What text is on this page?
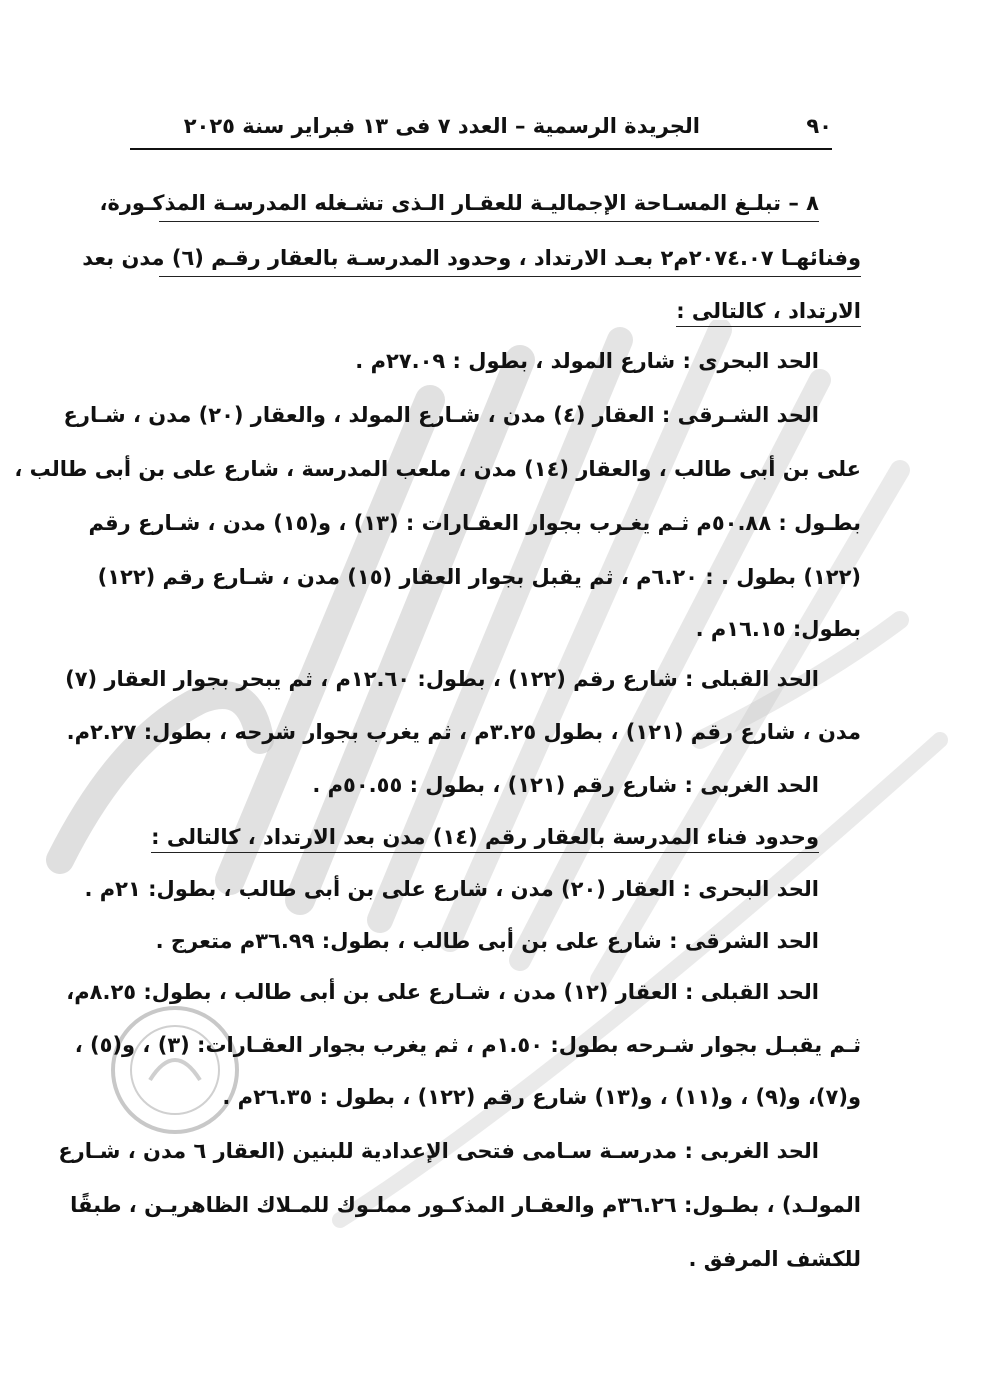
٩٠
الجريدة الرسمية – العدد ٧ فى ١٣ فبراير سنة ٢٠٢٥
٨ – تبلـغ المسـاحة الإجماليـة للعقـار الـذى تشـغله المدرسـة المذكـورة،
وفنائهـا ٢٠٧٤.٠٧م٢ بعـد الارتداد ، وحدود المدرسـة بالعقار رقـم (٦) مدن بعد
الارتداد ، كالتالى :
الحد البحرى : شارع المولد ، بطول : ٢٧.٠٩م .
الحد الشـرقى : العقار (٤) مدن ، شـارع المولد ، والعقار (٢٠) مدن ، شـارع
على بن أبى طالب ، والعقار (١٤) مدن ، ملعب المدرسة ، شارع على بن أبى طالب ،
بطـول : ٥٠.٨٨م ثـم يغـرب بجوار العقـارات : (١٣) ، و(١٥) مدن ، شـارع رقم
(١٢٢) بطول . : ٦.٢٠م ، ثم يقبل بجوار العقار (١٥) مدن ، شـارع رقم (١٢٢)
بطول: ١٦.١٥م .
الحد القبلى : شارع رقم (١٢٢) ، بطول: ١٢.٦٠م ، ثم يبحر بجوار العقار (٧)
مدن ، شارع رقم (١٢١) ، بطول ٣.٢٥م ، ثم يغرب بجوار شرحه ، بطول: ٢.٢٧م.
الحد الغربى : شارع رقم (١٢١) ، بطول : ٥٠.٥٥م .
وحدود فناء المدرسة بالعقار رقم (١٤) مدن بعد الارتداد ، كالتالى :
الحد البحرى : العقار (٢٠) مدن ، شارع على بن أبى طالب ، بطول: ٢١م .
الحد الشرقى : شارع على بن أبى طالب ، بطول: ٣٦.٩٩م متعرج .
الحد القبلى : العقار (١٢) مدن ، شـارع على بن أبى طالب ، بطول: ٨.٢٥م،
ثـم يقبـل بجوار شـرحه بطول: ١.٥٠م ، ثم يغرب بجوار العقـارات: (٣) ، و(٥) ،
و(٧)، و(٩) ، و(١١) ، و(١٣) شارع رقم (١٢٢) ، بطول : ٢٦.٣٥م .
الحد الغربى : مدرسـة سـامى فتحى الإعدادية للبنين (العقار ٦ مدن ، شـارع
المولـد) ، بطـول: ٣٦.٢٦م والعقـار المذكـور مملـوك للمـلاك الظاهريـن ، طبقًا
للكشف المرفق .
